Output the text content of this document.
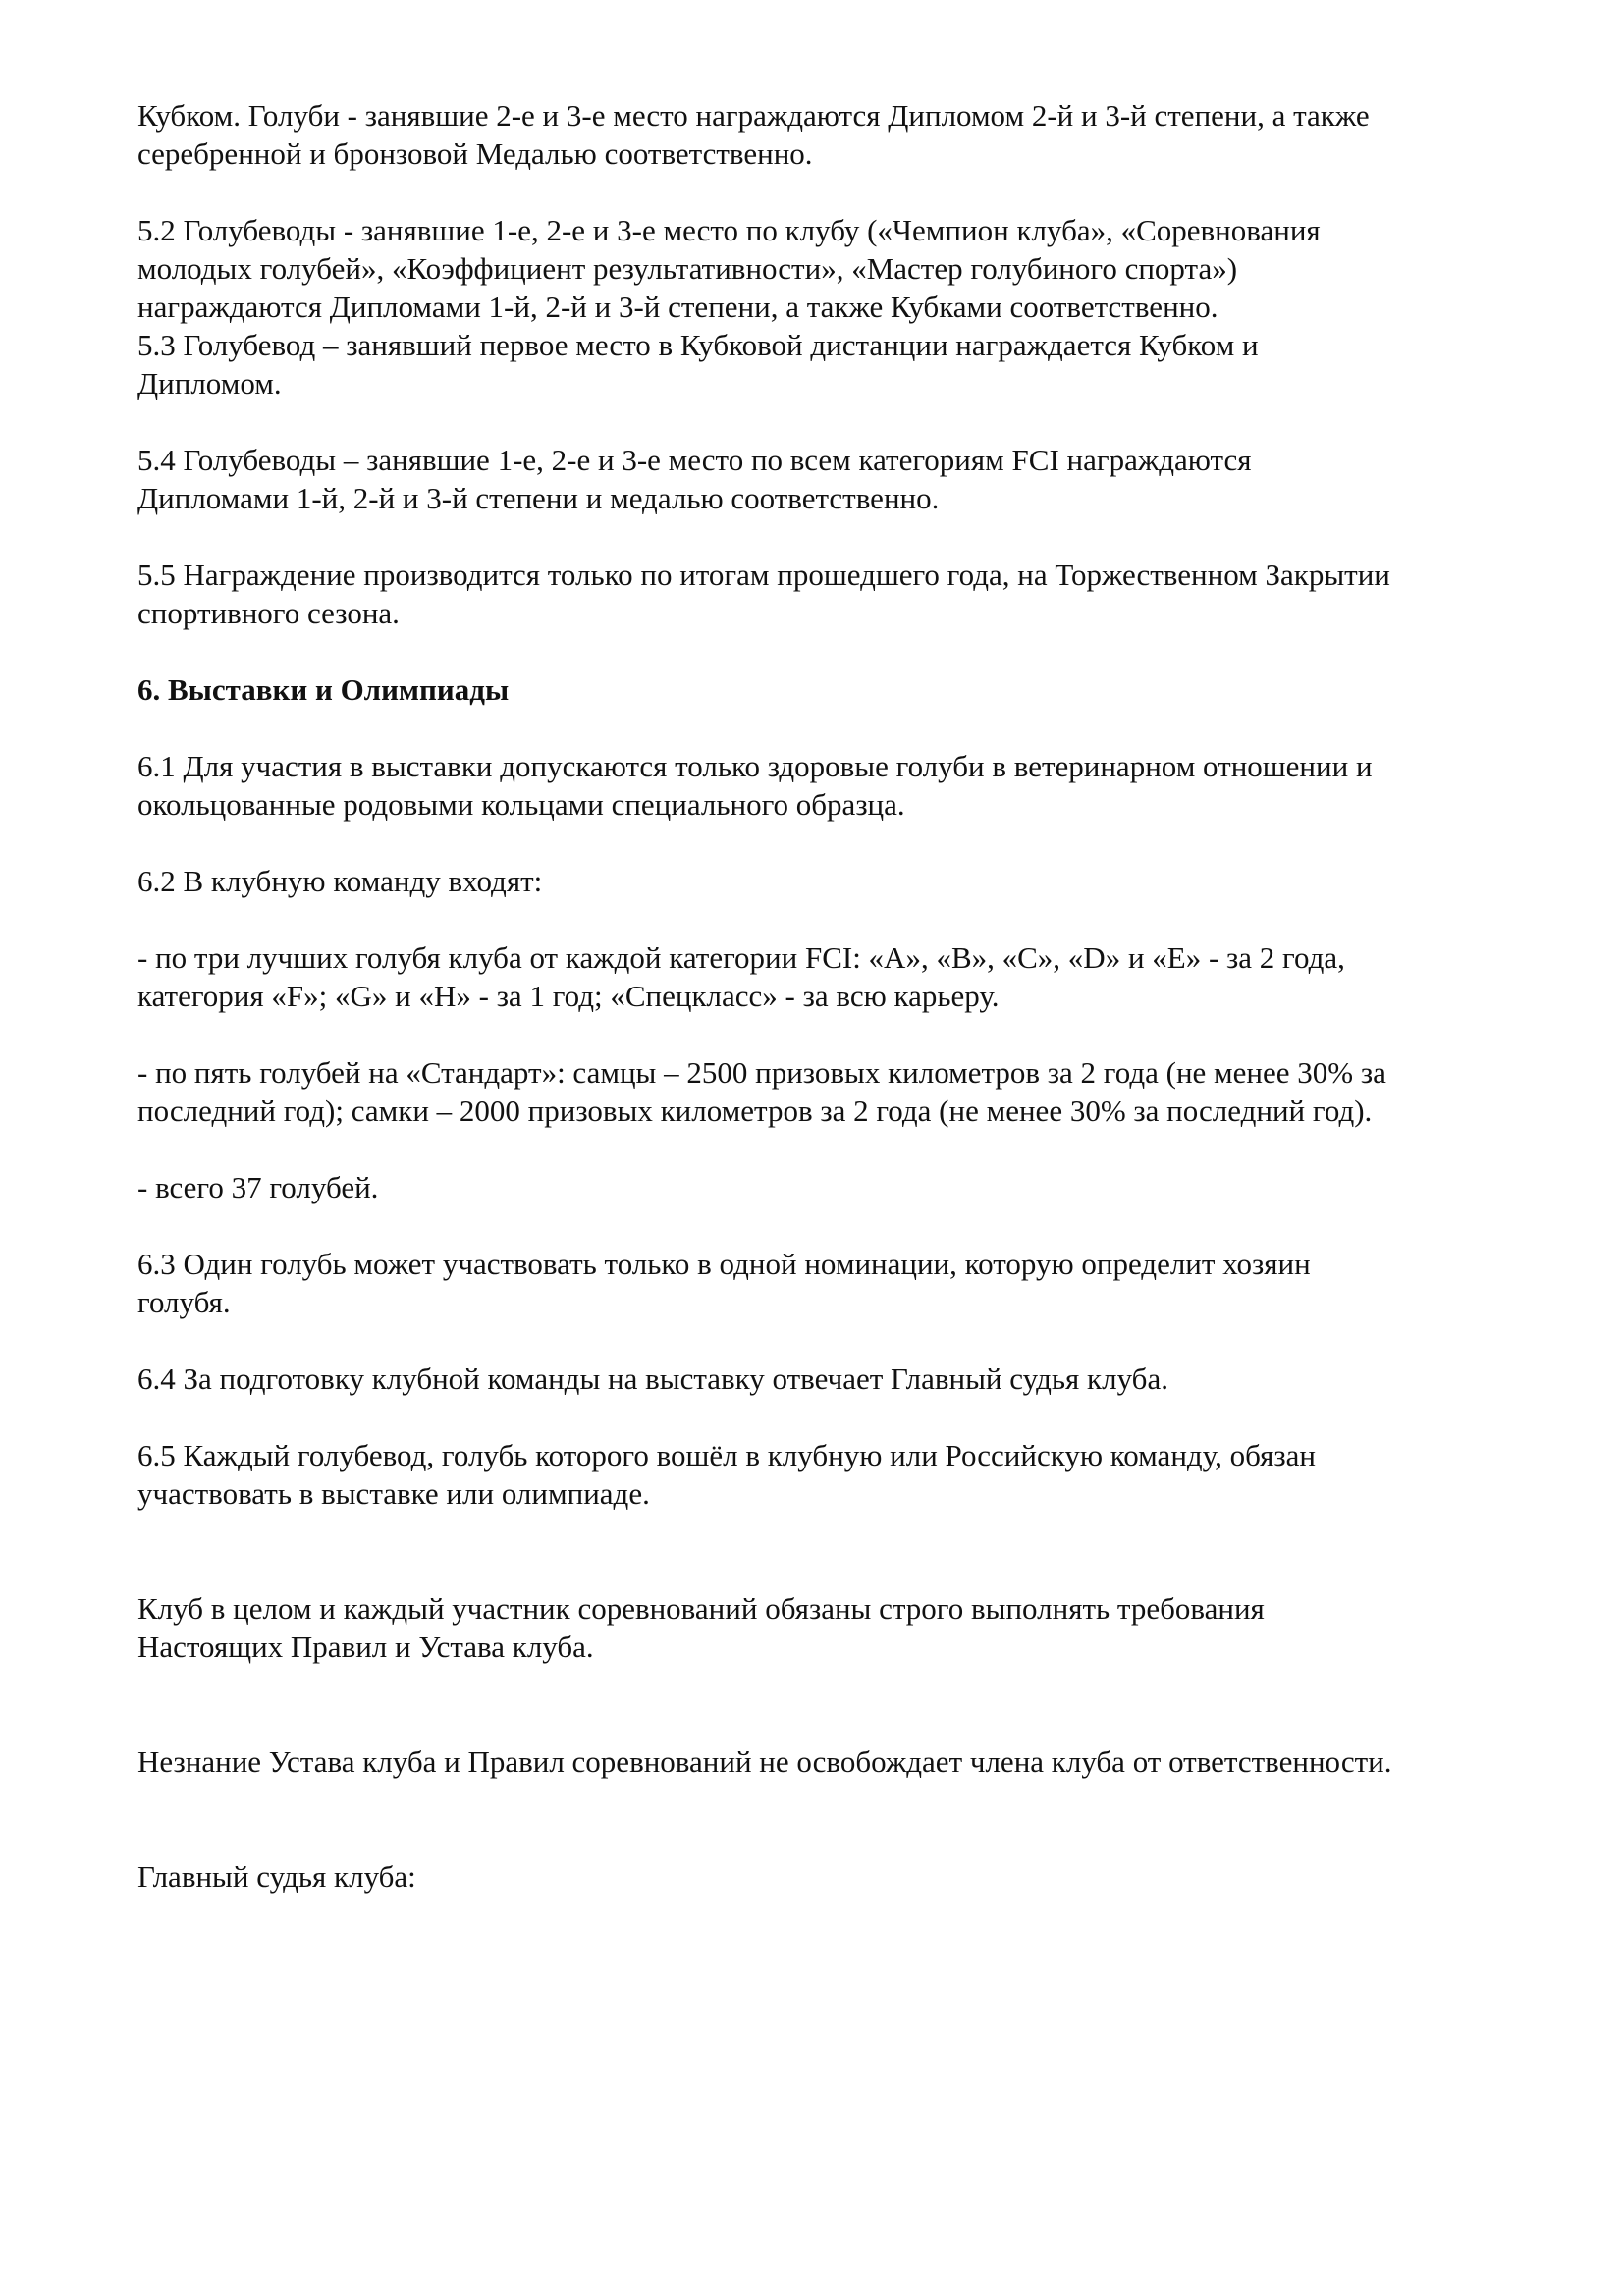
Кубком. Голуби - занявшие 2-е и 3-е место награждаются Дипломом 2-й и 3-й степени, а также
серебренной и бронзовой Медалью соответственно.

5.2 Голубеводы - занявшие 1-е, 2-е и 3-е место по клубу («Чемпион клуба», «Соревнования
молодых голубей», «Коэффициент результативности», «Мастер голубиного спорта»)
награждаются Дипломами 1-й, 2-й и 3-й степени, а также Кубками соответственно.

5.3 Голубевод – занявший первое место в Кубковой дистанции награждается Кубком и
Дипломом.

5.4 Голубеводы – занявшие 1-е, 2-е и 3-е место по всем категориям FCI награждаются
Дипломами 1-й, 2-й и 3-й степени и медалью соответственно.

5.5 Награждение производится только по итогам прошедшего года, на Торжественном Закрытии
спортивного сезона.

6. Выставки и Олимпиады

6.1 Для участия в выставки допускаются только здоровые голуби в ветеринарном отношении и
окольцованные родовыми кольцами специального образца.

6.2 В клубную команду входят:

- по три лучших голубя клуба от каждой категории FCI: «A», «B», «C», «D» и «E» - за 2 года,
категория «F»; «G» и «H» - за 1 год; «Спецкласс» - за всю карьеру.

- по пять голубей на «Стандарт»: самцы – 2500 призовых километров за 2 года (не менее 30% за
последний год); самки – 2000 призовых километров за 2 года (не менее 30% за последний год).

- всего 37 голубей.

6.3 Один голубь может участвовать только в одной номинации, которую определит хозяин
голубя.

6.4 За подготовку клубной команды на выставку отвечает Главный судья клуба.

6.5 Каждый голубевод, голубь которого вошёл в клубную или Российскую команду, обязан
участвовать в выставке или олимпиаде.

Клуб в целом и каждый участник соревнований обязаны строго выполнять требования
Настоящих Правил и Устава клуба.

Незнание Устава клуба и Правил соревнований не освобождает члена клуба от ответственности.

Главный судья клуба:
